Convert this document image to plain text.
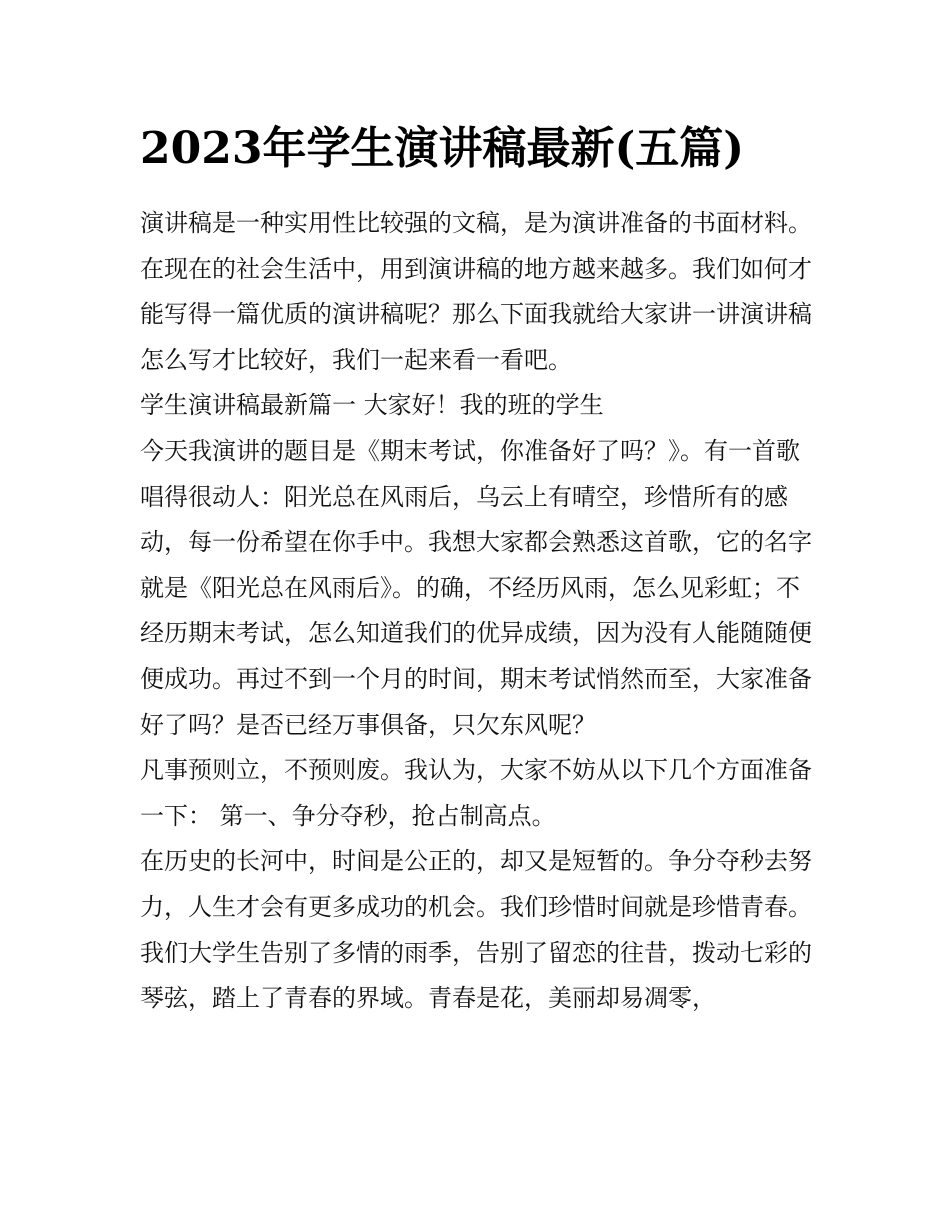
2023年学生演讲稿最新(五篇)

演讲稿是一种实用性比较强的文稿，是为演讲准备的书面材料。在现在的社会生活中，用到演讲稿的地方越来越多。我们如何才能写得一篇优质的演讲稿呢？那么下面我就给大家讲一讲演讲稿怎么写才比较好，我们一起来看一看吧。

学生演讲稿最新篇一 大家好！我的班的学生

今天我演讲的题目是《期末考试，你准备好了吗？》。有一首歌唱得很动人：阳光总在风雨后，乌云上有晴空，珍惜所有的感动，每一份希望在你手中。我想大家都会熟悉这首歌，它的名字就是《阳光总在风雨后》。的确，不经历风雨，怎么见彩虹；不经历期末考试，怎么知道我们的优异成绩，因为没有人能随随便便成功。再过不到一个月的时间，期末考试悄然而至，大家准备好了吗？是否已经万事俱备，只欠东风呢？

凡事预则立，不预则废。我认为，大家不妨从以下几个方面准备一下： 第一、争分夺秒，抢占制高点。

在历史的长河中，时间是公正的，却又是短暂的。争分夺秒去努力，人生才会有更多成功的机会。我们珍惜时间就是珍惜青春。我们大学生告别了多情的雨季，告别了留恋的往昔，拨动七彩的琴弦，踏上了青春的界域。青春是花，美丽却易凋零，
